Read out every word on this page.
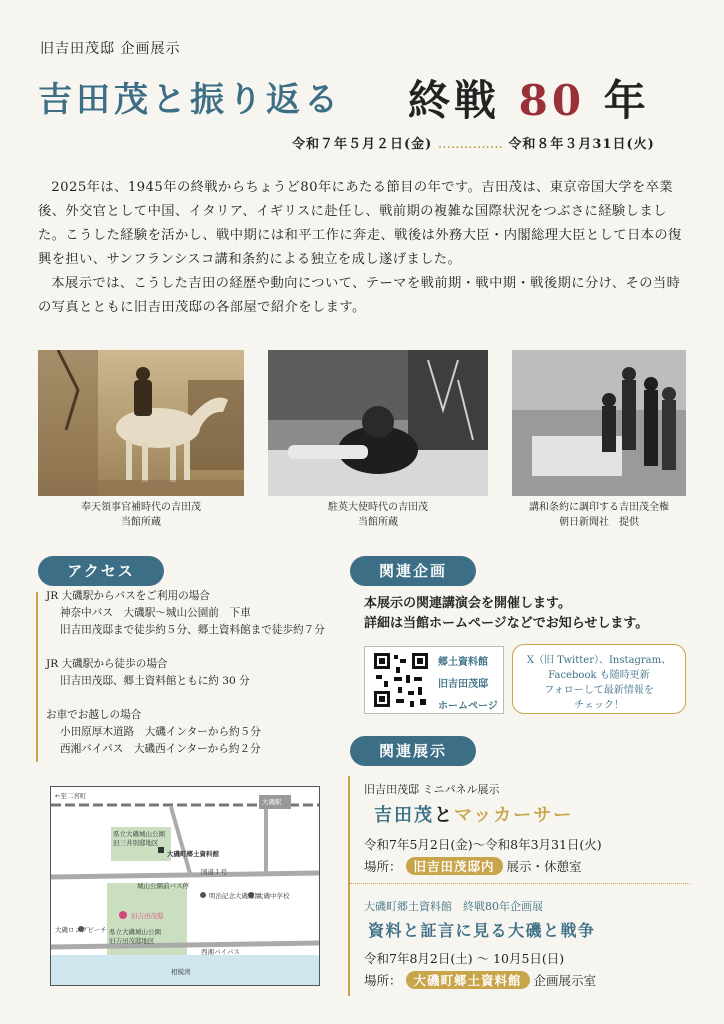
旧吉田茂邸 企画展示
吉田茂と振り返る 終戦 80 年
令和７年５月２日(金) …………… 令和８年３月31日(火)

2025年は、1945年の終戦からちょうど80年にあたる節目の年です。吉田茂は、東京帝国大学を卒業後、外交官として中国、イタリア、イギリスに赴任し、戦前期の複雑な国際状況をつぶさに経験しました。こうした経験を活かし、戦中期には和平工作に奔走、戦後は外務大臣・内閣総理大臣として日本の復興を担い、サンフランシスコ講和条約による独立を成し遂げました。

本展示では、こうした吉田の経歴や動向について、テーマを戦前期・戦中期・戦後期に分け、その当時の写真とともに旧吉田茂邸の各部屋で紹介をします。

奉天領事官補時代の吉田茂
当館所蔵
駐英大使時代の吉田茂
当館所蔵
講和条約に調印する吉田茂全権
朝日新聞社　提供
アクセス
JR 大磯駅からバスをご利用の場合
神奈中バス　大磯駅～城山公園前　下車
旧吉田茂邸まで徒歩約５分、郷土資料館まで徒歩約７分
JR 大磯駅から徒歩の場合
旧吉田茂邸、郷土資料館ともに約 30 分
お車でお越しの場合
小田原厚木道路　大磯インターから約５分
西湘バイパス　大磯西インターから約２分
←至二宮町
大磯駅
県立大磯城山公園
旧三井別邸地区
大磯町郷土資料館
国道１号
城山公園前バス停
明治記念大磯邸園
大磯中学校
旧吉田茂邸
県立大磯城山公園
旧吉田茂邸地区
大磯ロングビーチ
西湘バイパス
相模湾
関連企画
本展示の関連講演会を開催します。
詳細は当館ホームページなどでお知らせします。
郷土資料館
旧吉田茂邸
ホームページ
X（旧 Twitter）、Instagram、
Facebook も随時更新
フォローして最新情報を
チェック！
関連展示
旧吉田茂邸 ミニパネル展示
吉田茂とマッカーサー
令和7年5月2日(金)～令和8年3月31日(火)
場所： 旧吉田茂邸内 展示・休憩室
大磯町郷土資料館　終戦80年企画展
資料と証言に見る大磯と戦争
令和7年8月2日(土) ～ 10月5日(日)
場所： 大磯町郷土資料館 企画展示室
